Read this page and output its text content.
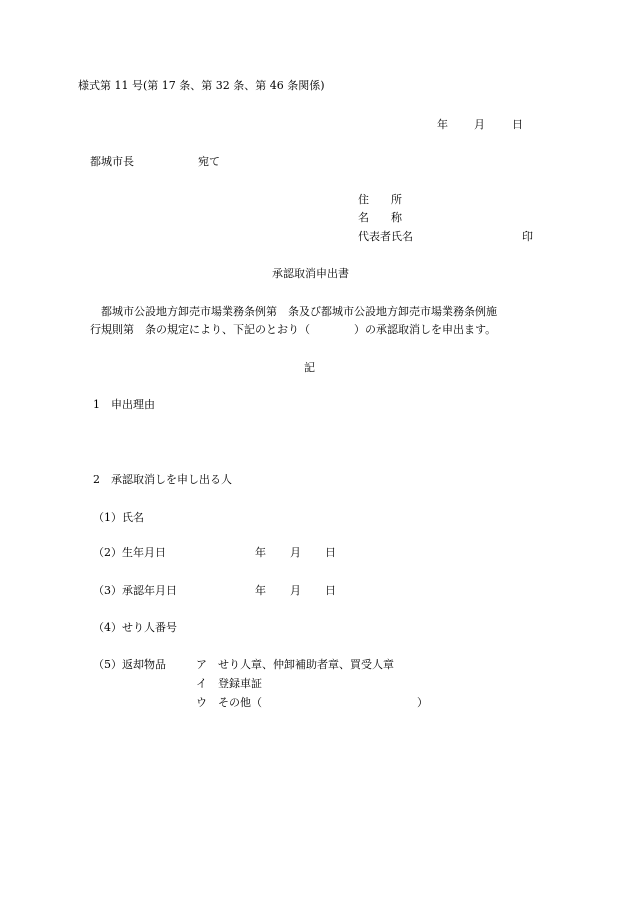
様式第 11 号(第 17 条、第 32 条、第 46 条関係)
年 月 日
都城市長	宛て
住　　所
名　　称
代表者氏名	印
承認取消申出書
都城市公設地方卸売市場業務条例第　条及び都城市公設地方卸売市場業務条例施
行規則第　条の規定により、下記のとおり（　　　　）の承認取消しを申出ます。
記
1　申出理由
2　承認取消しを申し出る人
（1）氏名
（2）生年月日	年 月 日
（3）承認年月日	年 月 日
（4）せり人番号
（5）返却物品	ア　せり人章、仲卸補助者章、買受人章
イ　登録車証
ウ　その他（	）
